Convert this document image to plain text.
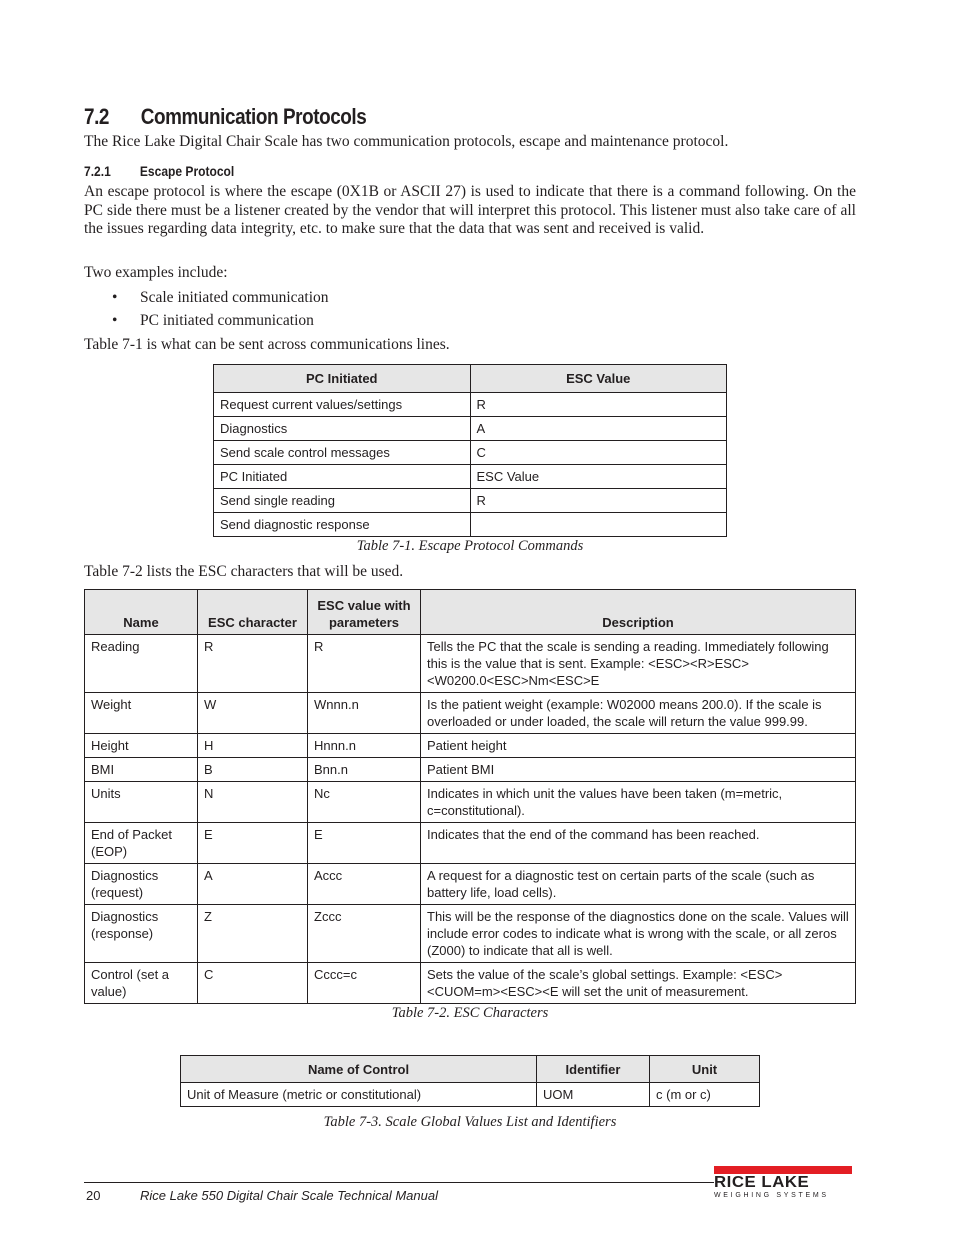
7.2 Communication Protocols
The Rice Lake Digital Chair Scale has two communication protocols, escape and maintenance protocol.
7.2.1 Escape Protocol
An escape protocol is where the escape (0X1B or ASCII 27) is used to indicate that there is a command following. On the PC side there must be a listener created by the vendor that will interpret this protocol. This listener must also take care of all the issues regarding data integrity, etc. to make sure that the data that was sent and received is valid.
Two examples include:
• Scale initiated communication
• PC initiated communication
Table 7-1 is what can be sent across communications lines.
PC Initiated	ESC Value
Request current values/settings	R
Diagnostics	A
Send scale control messages	C
PC Initiated	ESC Value
Send single reading	R
Send diagnostic response	
Table 7-1. Escape Protocol Commands
Table 7-2 lists the ESC characters that will be used.
Name	ESC character	ESC value with parameters	Description
Reading	R	R	Tells the PC that the scale is sending a reading. Immediately following this is the value that is sent. Example: <ESC><R>ESC><W0200.0<ESC>Nm<ESC>E
Weight	W	Wnnn.n	Is the patient weight (example: W02000 means 200.0). If the scale is overloaded or under loaded, the scale will return the value 999.99.
Height	H	Hnnn.n	Patient height
BMI	B	Bnn.n	Patient BMI
Units	N	Nc	Indicates in which unit the values have been taken (m=metric, c=constitutional).
End of Packet (EOP)	E	E	Indicates that the end of the command has been reached.
Diagnostics (request)	A	Accc	A request for a diagnostic test on certain parts of the scale (such as battery life, load cells).
Diagnostics (response)	Z	Zccc	This will be the response of the diagnostics done on the scale. Values will include error codes to indicate what is wrong with the scale, or all zeros (Z000) to indicate that all is well.
Control (set a value)	C	Cccc=c	Sets the value of the scale’s global settings. Example: <ESC><CUOM=m><ESC><E will set the unit of measurement.
Table 7-2. ESC Characters
Name of Control	Identifier	Unit
Unit of Measure (metric or constitutional)	UOM	c (m or c)
Table 7-3. Scale Global Values List and Identifiers
20	Rice Lake 550 Digital Chair Scale Technical Manual
RICE LAKE
WEIGHING SYSTEMS
